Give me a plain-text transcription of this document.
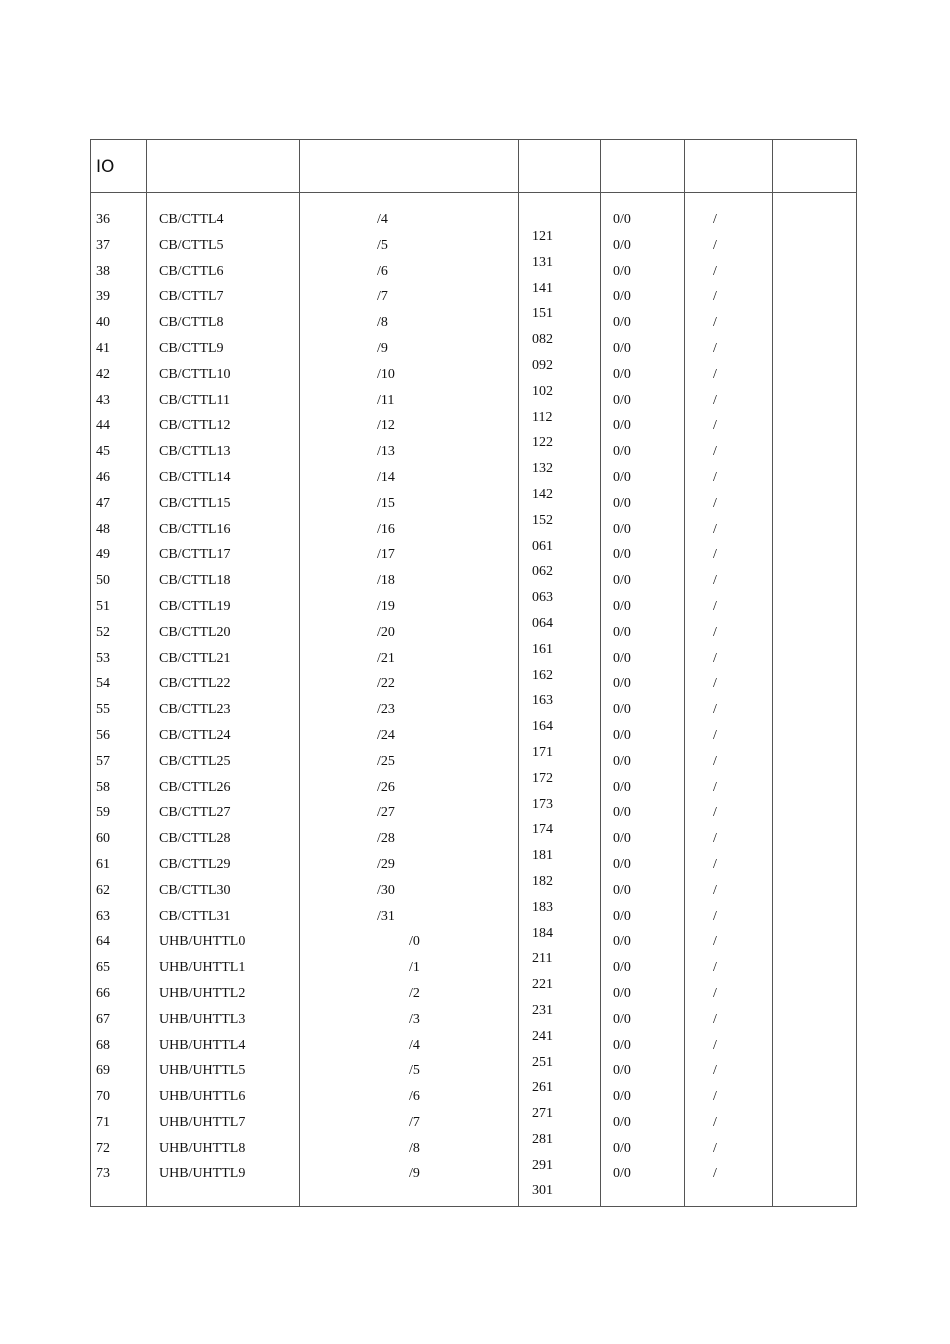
IO
36
37
38
39
40
41
42
43
44
45
46
47
48
49
50
51
52
53
54
55
56
57
58
59
60
61
62
63
64
65
66
67
68
69
70
71
72
73
CB/CTTL4
CB/CTTL5
CB/CTTL6
CB/CTTL7
CB/CTTL8
CB/CTTL9
CB/CTTL10
CB/CTTL11
CB/CTTL12
CB/CTTL13
CB/CTTL14
CB/CTTL15
CB/CTTL16
CB/CTTL17
CB/CTTL18
CB/CTTL19
CB/CTTL20
CB/CTTL21
CB/CTTL22
CB/CTTL23
CB/CTTL24
CB/CTTL25
CB/CTTL26
CB/CTTL27
CB/CTTL28
CB/CTTL29
CB/CTTL30
CB/CTTL31
UHB/UHTTL0
UHB/UHTTL1
UHB/UHTTL2
UHB/UHTTL3
UHB/UHTTL4
UHB/UHTTL5
UHB/UHTTL6
UHB/UHTTL7
UHB/UHTTL8
UHB/UHTTL9
/4
/5
/6
/7
/8
/9
/10
/11
/12
/13
/14
/15
/16
/17
/18
/19
/20
/21
/22
/23
/24
/25
/26
/27
/28
/29
/30
/31
/0
/1
/2
/3
/4
/5
/6
/7
/8
/9
121
131
141
151
082
092
102
112
122
132
142
152
061
062
063
064
161
162
163
164
171
172
173
174
181
182
183
184
211
221
231
241
251
261
271
281
291
301
0/0
0/0
0/0
0/0
0/0
0/0
0/0
0/0
0/0
0/0
0/0
0/0
0/0
0/0
0/0
0/0
0/0
0/0
0/0
0/0
0/0
0/0
0/0
0/0
0/0
0/0
0/0
0/0
0/0
0/0
0/0
0/0
0/0
0/0
0/0
0/0
0/0
0/0
/
/
/
/
/
/
/
/
/
/
/
/
/
/
/
/
/
/
/
/
/
/
/
/
/
/
/
/
/
/
/
/
/
/
/
/
/
/
